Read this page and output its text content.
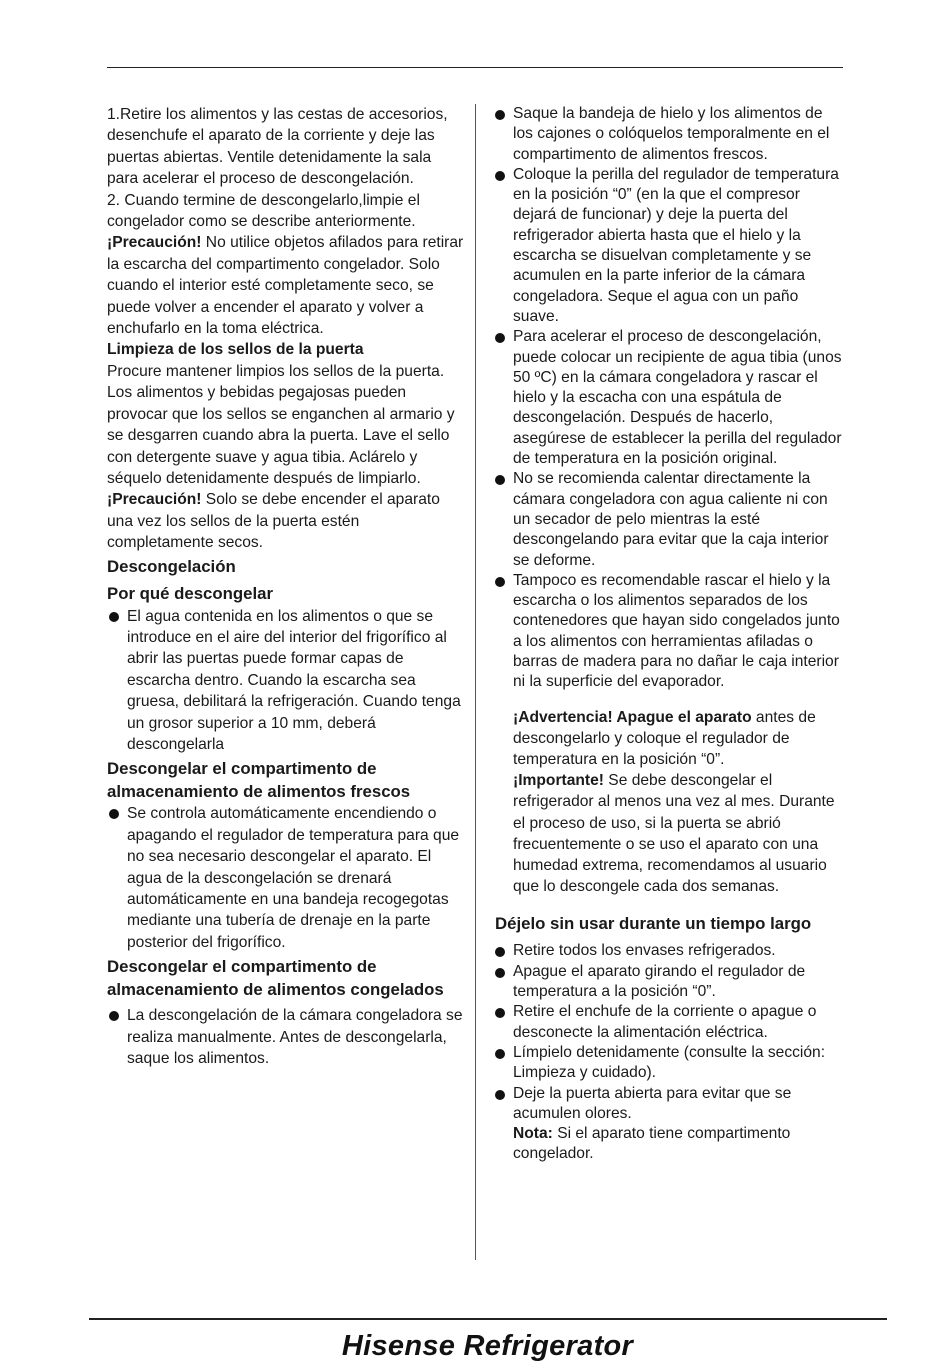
1.Retire los alimentos y las cestas de accesorios, desenchufe el aparato de la corriente y deje las puertas abiertas. Ventile detenidamente la sala para acelerar el proceso de descongelación.

2. Cuando termine de descongelarlo,limpie el congelador como se describe anteriormente.

¡Precaución! No utilice objetos afilados para retirar la escarcha del compartimento congelador. Solo cuando el interior esté completamente seco, se puede volver a encender el aparato y volver a enchufarlo en la toma eléctrica.

Limpieza de los sellos de la puerta

Procure mantener limpios los sellos de la puerta. Los alimentos y bebidas pegajosas pueden provocar que los sellos se enganchen al armario y se desgarren cuando abra la puerta. Lave el sello con detergente suave y agua tibia. Aclárelo y séquelo detenidamente después de limpiarlo.

¡Precaución! Solo se debe encender el aparato una vez los sellos de la puerta estén completamente secos.

Descongelación

Por qué descongelar

El agua contenida en los alimentos o que se introduce en el aire del interior del frigorífico al abrir las puertas puede formar capas de escarcha dentro. Cuando la escarcha sea gruesa, debilitará la refrigeración. Cuando tenga un grosor superior a 10 mm, deberá descongelarla

Descongelar el compartimento de almacenamiento de alimentos frescos

Se controla automáticamente encendiendo o apagando el regulador de temperatura para que no sea necesario descongelar el aparato. El agua de la descongelación se drenará automáticamente en una bandeja recogegotas mediante una tubería de drenaje en la parte posterior del frigorífico.

Descongelar el compartimento de almacenamiento de alimentos congelados

La descongelación de la cámara congeladora se realiza manualmente. Antes de descongelarla, saque los alimentos.
Saque la bandeja de hielo y los alimentos de los cajones o colóquelos temporalmente en el compartimento de alimentos frescos.
Coloque la perilla del regulador de temperatura en la posición “0” (en la que el compresor dejará de funcionar) y deje la puerta del refrigerador abierta hasta que el hielo y la escarcha se disuelvan completamente y se acumulen en la parte inferior de la cámara congeladora. Seque el agua con un paño suave.
Para acelerar el proceso de descongelación, puede colocar un recipiente de agua tibia (unos 50 ºC) en la cámara congeladora y rascar el hielo y la escacha con una espátula de descongelación. Después de hacerlo, asegúrese de establecer la perilla del regulador de temperatura en la posición original.
No se recomienda calentar directamente la cámara congeladora con agua caliente ni con un secador de pelo mientras la esté descongelando para evitar que la caja interior se deforme.
Tampoco es recomendable rascar el hielo y la escarcha o los alimentos separados de los contenedores que hayan sido congelados junto a los alimentos con herramientas afiladas o barras de madera para no dañar le caja interior ni la superficie del evaporador.

¡Advertencia! Apague el aparato antes de descongelarlo y coloque el regulador de temperatura en la posición “0”.

¡Importante! Se debe descongelar el refrigerador al menos una vez al mes. Durante el proceso de uso, si la puerta se abrió frecuentemente o se uso el aparato con una humedad extrema, recomendamos al usuario que lo descongele cada dos semanas.

Déjelo sin usar durante un tiempo largo

Retire todos los envases refrigerados.
Apague el aparato girando el regulador de temperatura a la posición “0”.
Retire el enchufe de la corriente o apague o desconecte la alimentación eléctrica.
Límpielo detenidamente (consulte la sección: Limpieza y cuidado).
Deje la puerta abierta para evitar que se acumulen olores.

Nota: Si el aparato tiene compartimento congelador.

Hisense Refrigerator
